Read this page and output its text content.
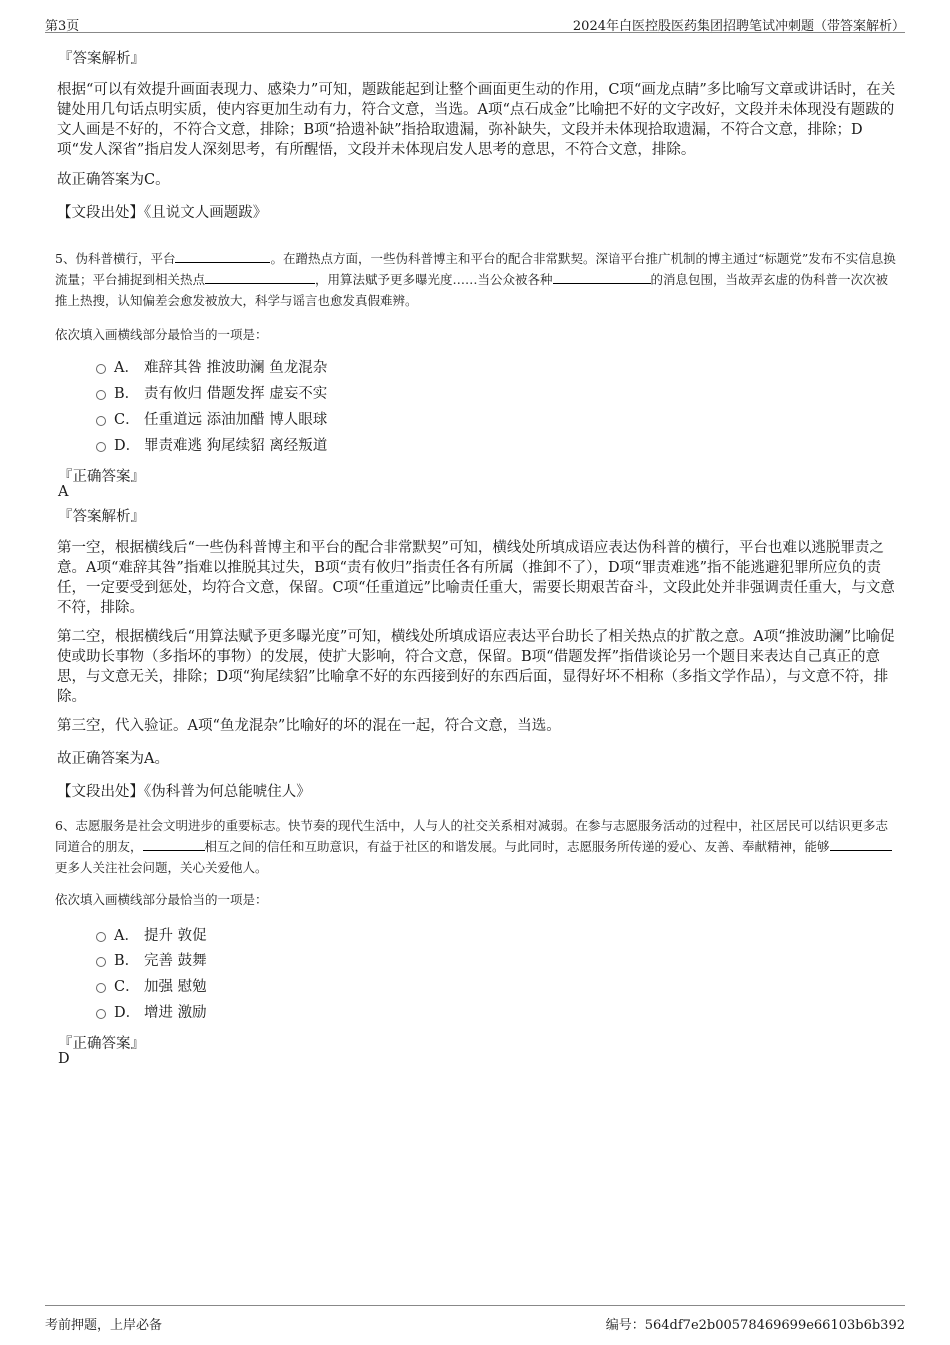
第3页	2024年白医控股医药集团招聘笔试冲刺题（带答案解析）
『答案解析』
根据“可以有效提升画面表现力、感染力”可知，题跋能起到让整个画面更生动的作用，C项“画龙点睛”多比喻写文章或讲话时，在关键处用几句话点明实质，使内容更加生动有力，符合文意，当选。A项“点石成金”比喻把不好的文字改好，文段并未体现没有题跋的文人画是不好的，不符合文意，排除；B项“拾遗补缺”指拾取遗漏，弥补缺失，文段并未体现拾取遗漏，不符合文意，排除；D项“发人深省”指启发人深刻思考，有所醒悟，文段并未体现启发人思考的意思，不符合文意，排除。
故正确答案为C。
【文段出处】《且说文人画题跋》
5、伪科普横行，平台	。在蹭热点方面，一些伪科普博主和平台的配合非常默契。深谙平台推广机制的博主通过“标题党”发布不实信息换流量；平台捕捉到相关热点	，用算法赋予更多曝光度……当公众被各种	的消息包围，当故弄玄虚的伪科普一次次被推上热搜，认知偏差会愈发被放大，科学与谣言也愈发真假难辨。
依次填入画横线部分最恰当的一项是：
A． 难辞其咎 推波助澜 鱼龙混杂
B． 责有攸归 借题发挥 虚妄不实
C． 任重道远 添油加醋 博人眼球
D． 罪责难逃 狗尾续貂 离经叛道
『正确答案』
A
『答案解析』
第一空，根据横线后“一些伪科普博主和平台的配合非常默契”可知，横线处所填成语应表达伪科普的横行，平台也难以逃脱罪责之意。A项“难辞其咎”指难以推脱其过失，B项“责有攸归”指责任各有所属（推卸不了），D项“罪责难逃”指不能逃避犯罪所应负的责任，一定要受到惩处，均符合文意，保留。C项“任重道远”比喻责任重大，需要长期艰苦奋斗，文段此处并非强调责任重大，与文意不符，排除。
第二空，根据横线后“用算法赋予更多曝光度”可知，横线处所填成语应表达平台助长了相关热点的扩散之意。A项“推波助澜”比喻促使或助长事物（多指坏的事物）的发展，使扩大影响，符合文意，保留。B项“借题发挥”指借谈论另一个题目来表达自己真正的意思，与文意无关，排除；D项“狗尾续貂”比喻拿不好的东西接到好的东西后面，显得好坏不相称（多指文学作品），与文意不符，排除。
第三空，代入验证。A项“鱼龙混杂”比喻好的坏的混在一起，符合文意，当选。
故正确答案为A。
【文段出处】《伪科普为何总能唬住人》
6、志愿服务是社会文明进步的重要标志。快节奏的现代生活中，人与人的社交关系相对减弱。在参与志愿服务活动的过程中，社区居民可以结识更多志同道合的朋友，	相互之间的信任和互助意识，有益于社区的和谐发展。与此同时，志愿服务所传递的爱心、友善、奉献精神，能够更多人关注社会问题，关心关爱他人。
依次填入画横线部分最恰当的一项是：
A． 提升 敦促
B． 完善 鼓舞
C． 加强 慰勉
D． 增进 激励
『正确答案』
D
考前押题，上岸必备	编号：564df7e2b00578469699e66103b6b392
